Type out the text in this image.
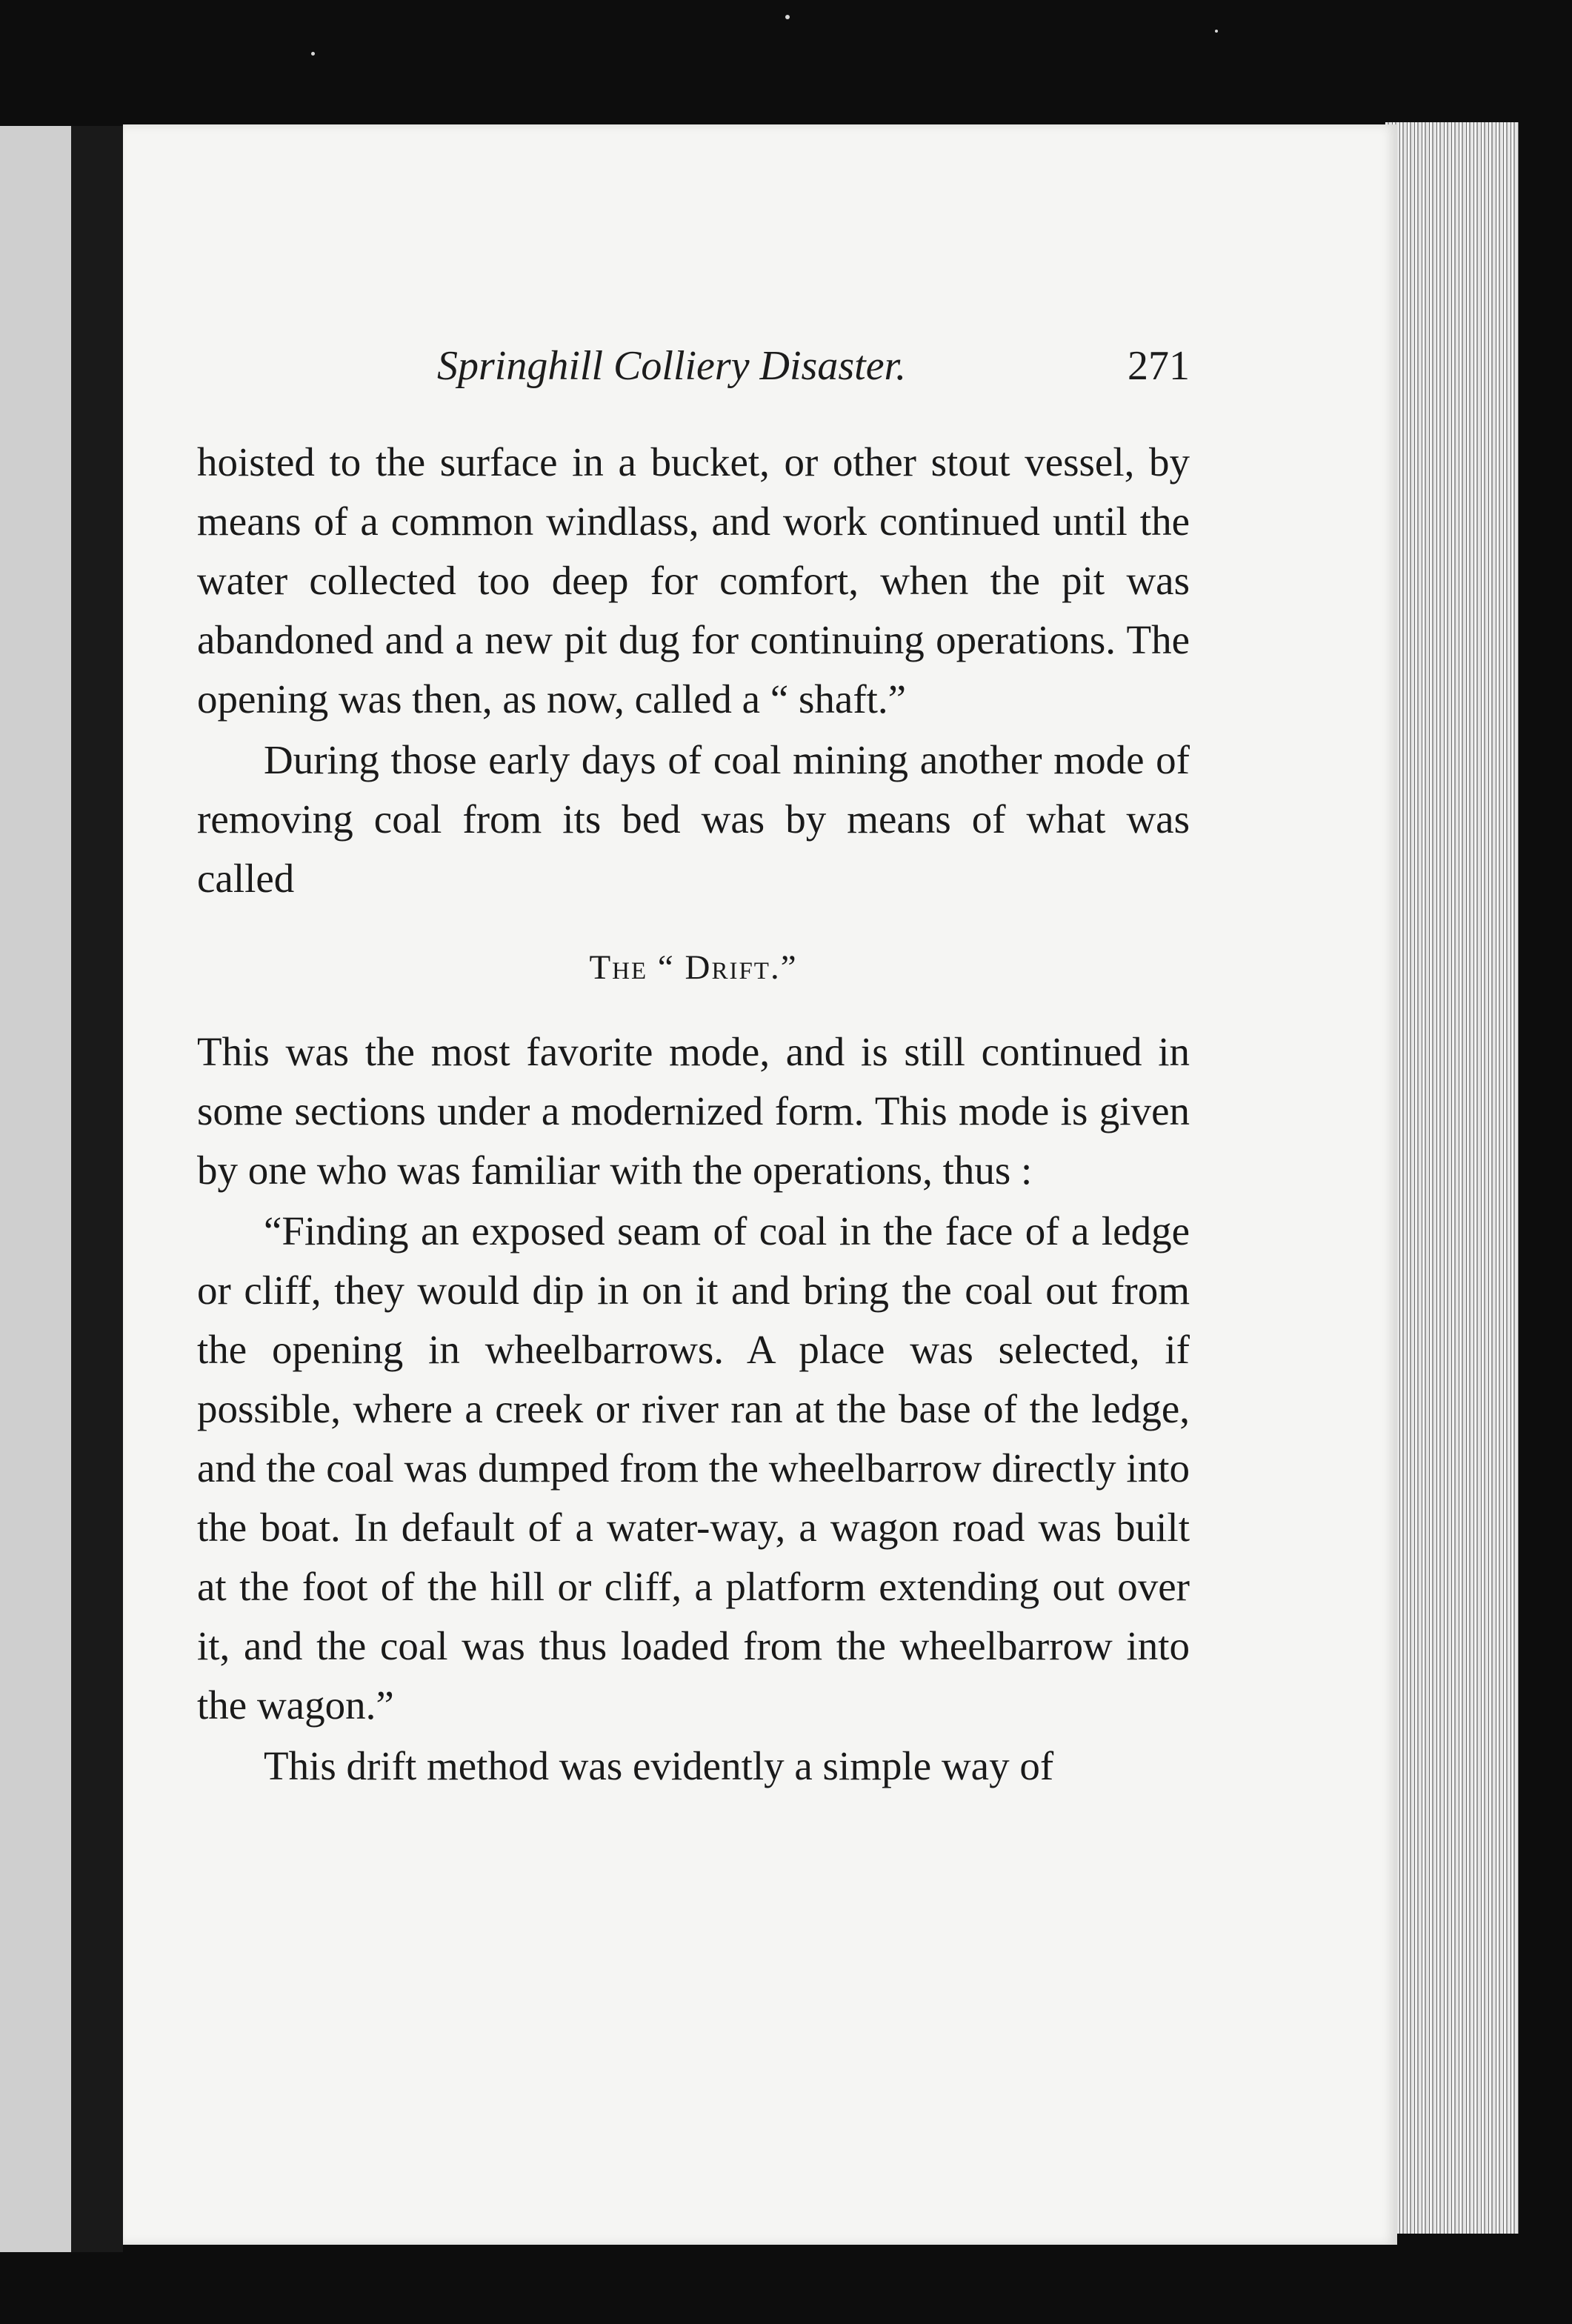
Springhill Colliery Disaster.	271

hoisted to the surface in a bucket, or other stout vessel, by means of a common windlass, and work continued until the water collected too deep for comfort, when the pit was abandoned and a new pit dug for continuing operations. The opening was then, as now, called a “ shaft.”

During those early days of coal mining another mode of removing coal from its bed was by means of what was called

The “ Drift.”

This was the most favorite mode, and is still continued in some sections under a modernized form. This mode is given by one who was familiar with the operations, thus :

“Finding an exposed seam of coal in the face of a ledge or cliff, they would dip in on it and bring the coal out from the opening in wheelbarrows. A place was selected, if possible, where a creek or river ran at the base of the ledge, and the coal was dumped from the wheelbarrow directly into the boat. In default of a water-way, a wagon road was built at the foot of the hill or cliff, a platform extending out over it, and the coal was thus loaded from the wheelbarrow into the wagon.”

This drift method was evidently a simple way of
